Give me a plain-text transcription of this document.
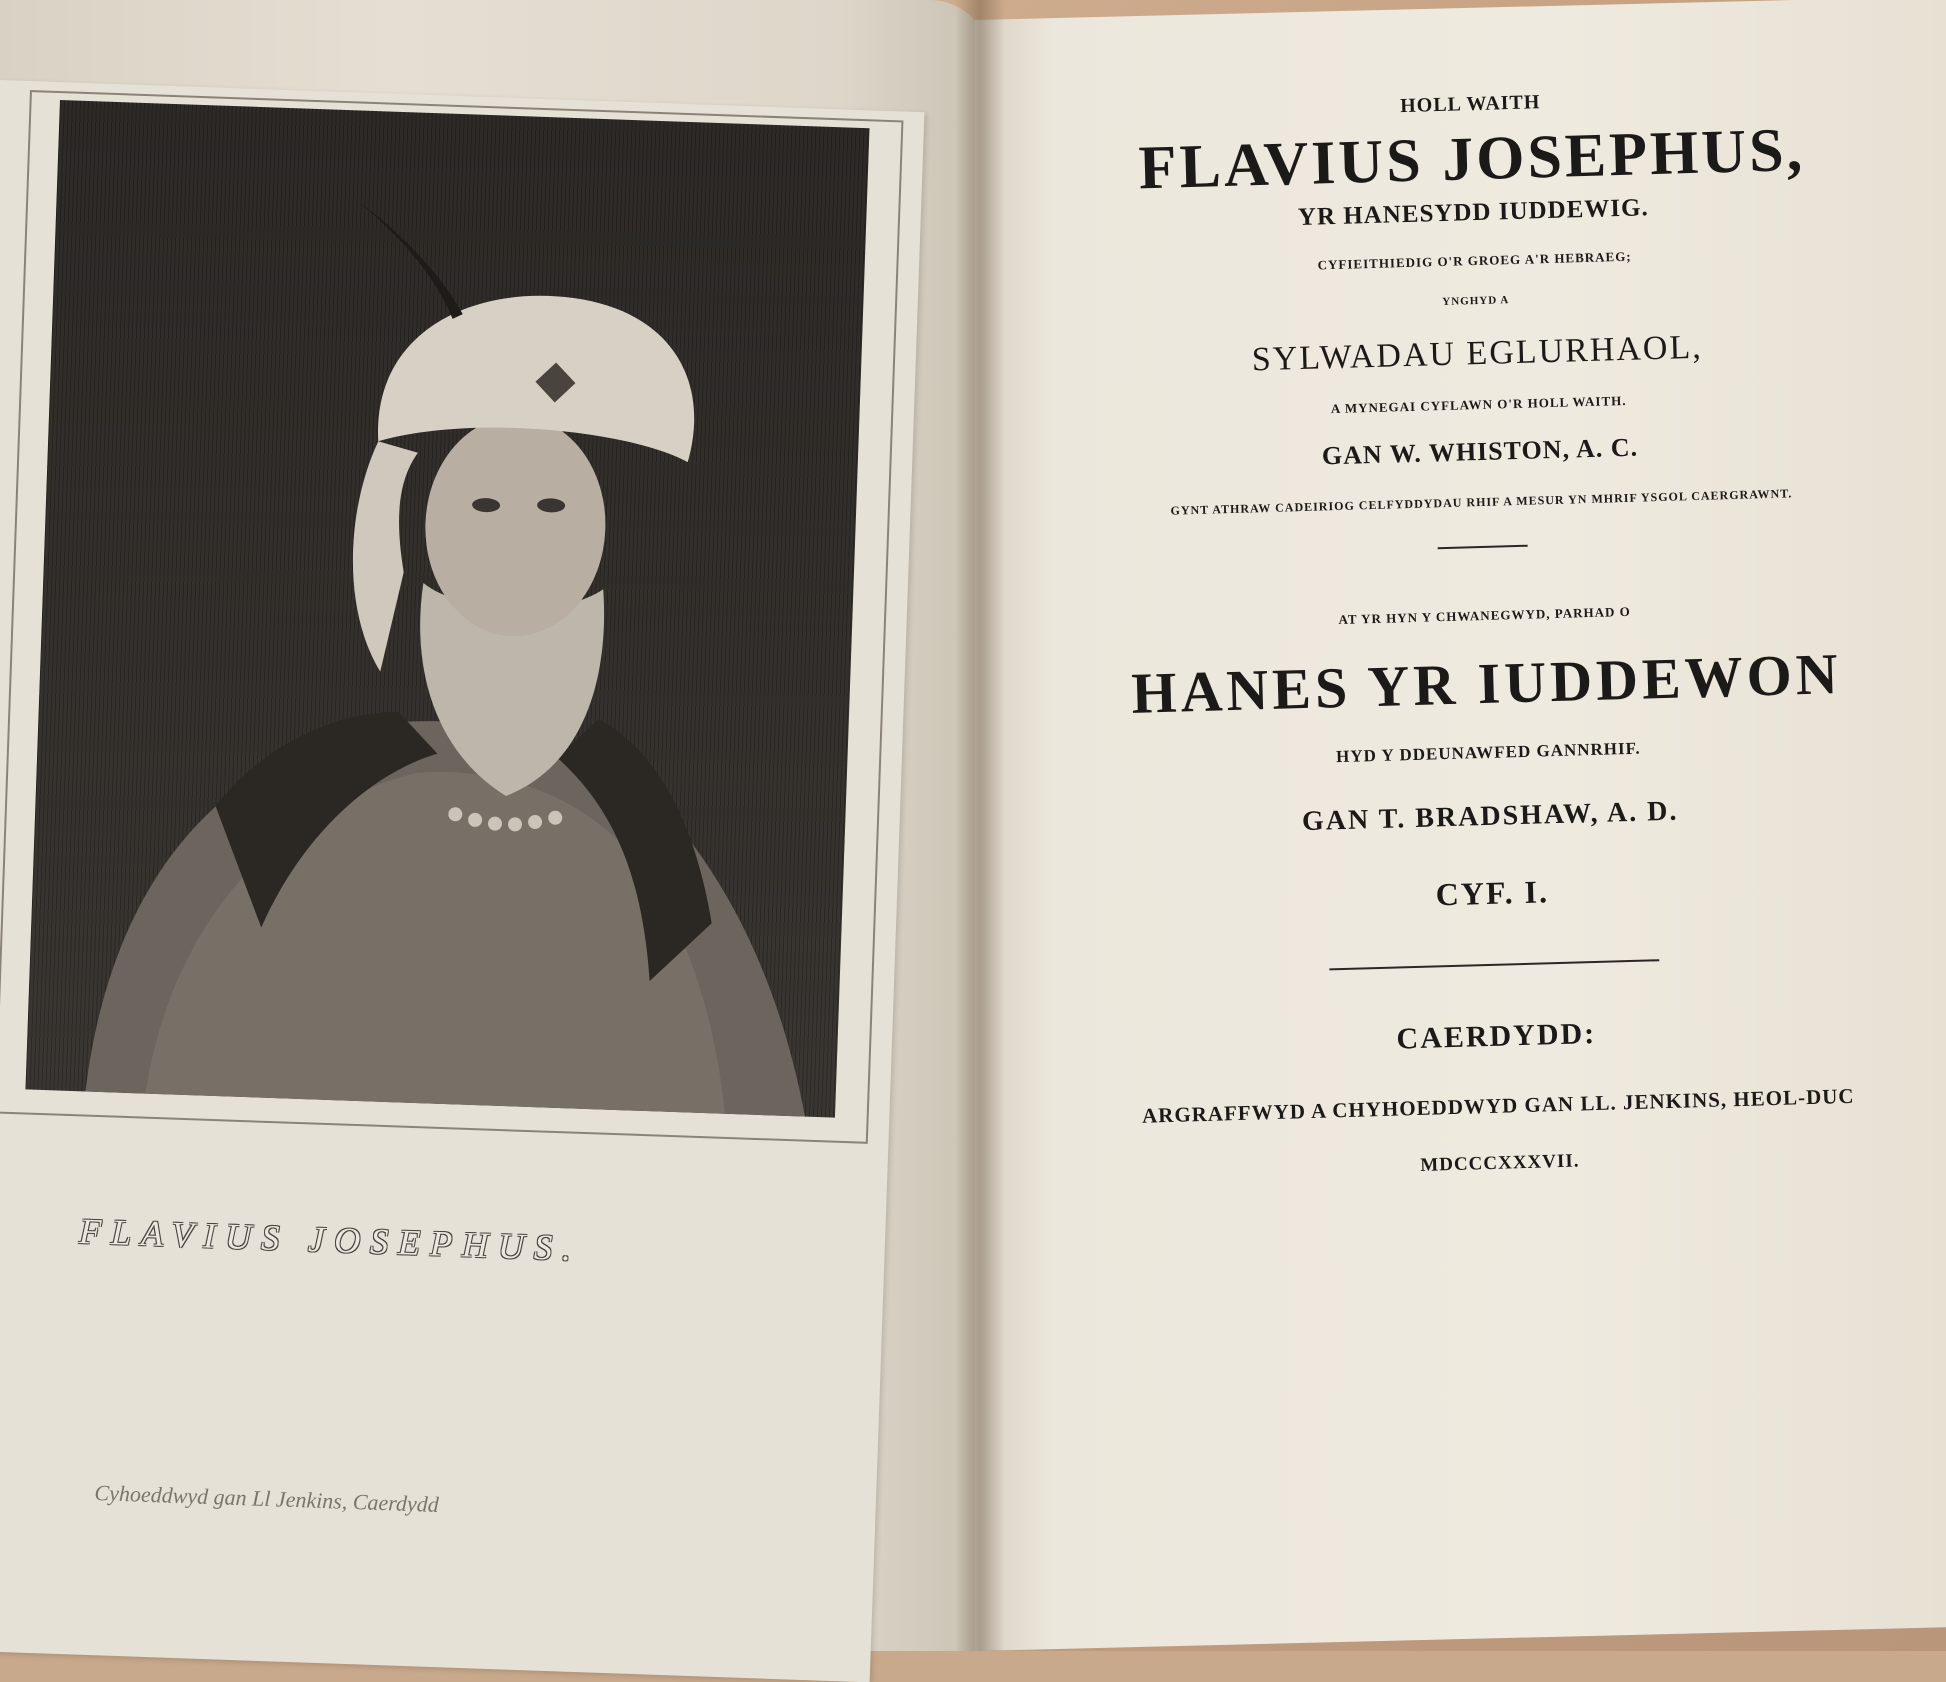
FLAVIUS JOSEPHUS.
Cyhoeddwyd gan Ll Jenkins, Caerdydd
HOLL WAITH
FLAVIUS JOSEPHUS,
YR HANESYDD IUDDEWIG.
CYFIEITHIEDIG O'R GROEG A'R HEBRAEG;
YNGHYD A
SYLWADAU EGLURHAOL,
A MYNEGAI CYFLAWN O'R HOLL WAITH.
GAN W. WHISTON, A. C.
GYNT ATHRAW CADEIRIOG CELFYDDYDAU RHIF A MESUR YN MHRIF YSGOL CAERGRAWNT.
AT YR HYN Y CHWANEGWYD, PARHAD O
HANES YR IUDDEWON
HYD Y DDEUNAWFED GANNRHIF.
GAN T. BRADSHAW, A. D.
CYF. I.
CAERDYDD:
ARGRAFFWYD A CHYHOEDDWYD GAN LL. JENKINS, HEOL-DUC
MDCCCXXXVII.
